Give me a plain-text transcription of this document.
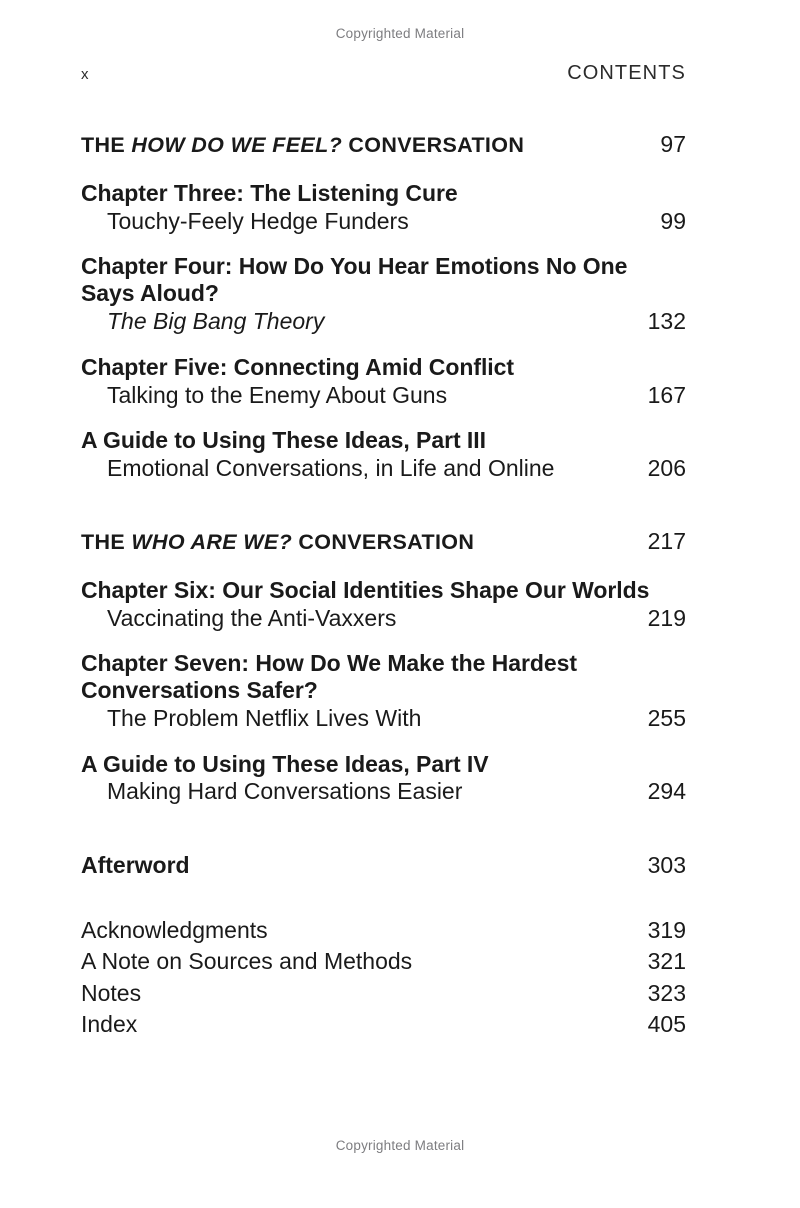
Copyrighted Material
x	CONTENTS
THE HOW DO WE FEEL? CONVERSATION	97
Chapter Three: The Listening Cure
Touchy-Feely Hedge Funders	99
Chapter Four: How Do You Hear Emotions No One Says Aloud?
The Big Bang Theory	132
Chapter Five: Connecting Amid Conflict
Talking to the Enemy About Guns	167
A Guide to Using These Ideas, Part III
Emotional Conversations, in Life and Online	206
THE WHO ARE WE? CONVERSATION	217
Chapter Six: Our Social Identities Shape Our Worlds
Vaccinating the Anti-Vaxxers	219
Chapter Seven: How Do We Make the Hardest Conversations Safer?
The Problem Netflix Lives With	255
A Guide to Using These Ideas, Part IV
Making Hard Conversations Easier	294
Afterword	303
Acknowledgments	319
A Note on Sources and Methods	321
Notes	323
Index	405
Copyrighted Material
